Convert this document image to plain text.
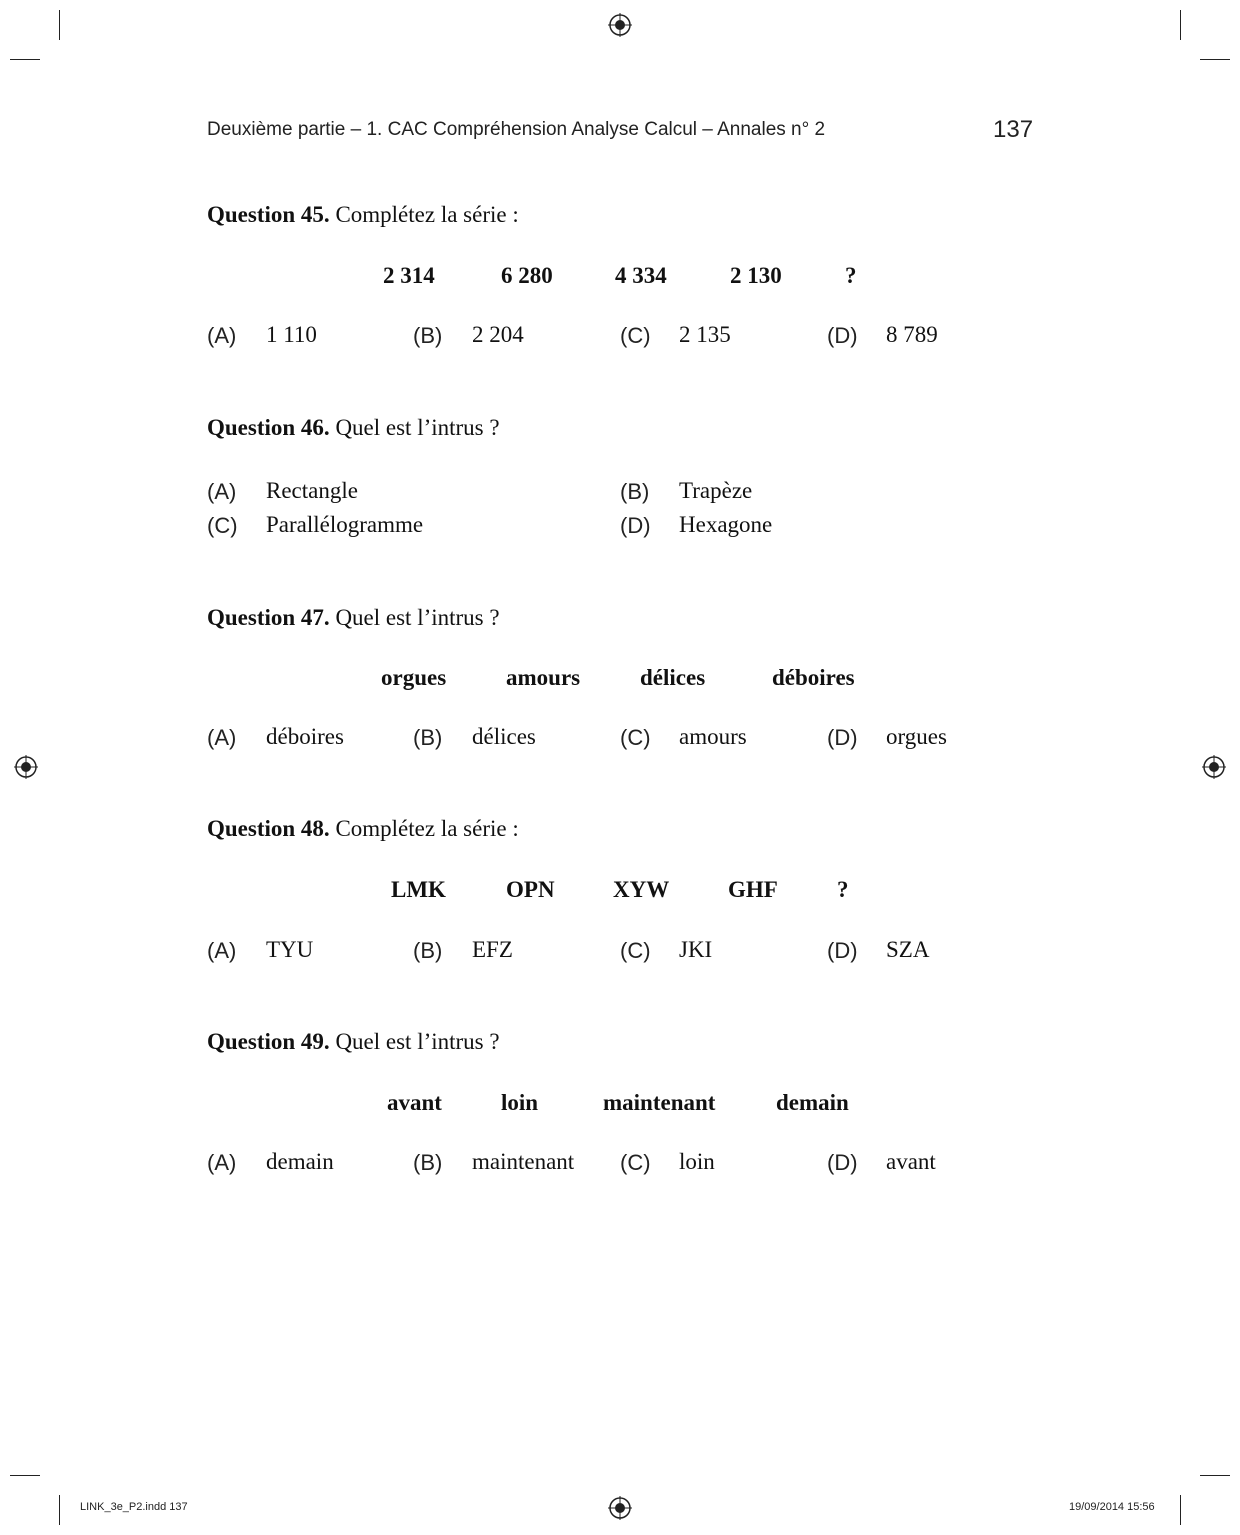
Deuxième partie – 1. CAC Compréhension Analyse Calcul – Annales n° 2	137
Question 45. Complétez la série :
2 314	6 280	4 334	2 130	?
(A) 1 110	(B) 2 204	(C) 2 135	(D) 8 789
Question 46. Quel est l’intrus ?
(A) Rectangle	(B) Trapèze
(C) Parallélogramme	(D) Hexagone
Question 47. Quel est l’intrus ?
orgues	amours	délices	déboires
(A) déboires	(B) délices	(C) amours	(D) orgues
Question 48. Complétez la série :
LMK	OPN	XYW	GHF	?
(A) TYU	(B) EFZ	(C) JKI	(D) SZA
Question 49. Quel est l’intrus ?
avant	loin	maintenant	demain
(A) demain	(B) maintenant (C) loin	(D) avant
LINK_3e_P2.indd 137	19/09/2014 15:56
